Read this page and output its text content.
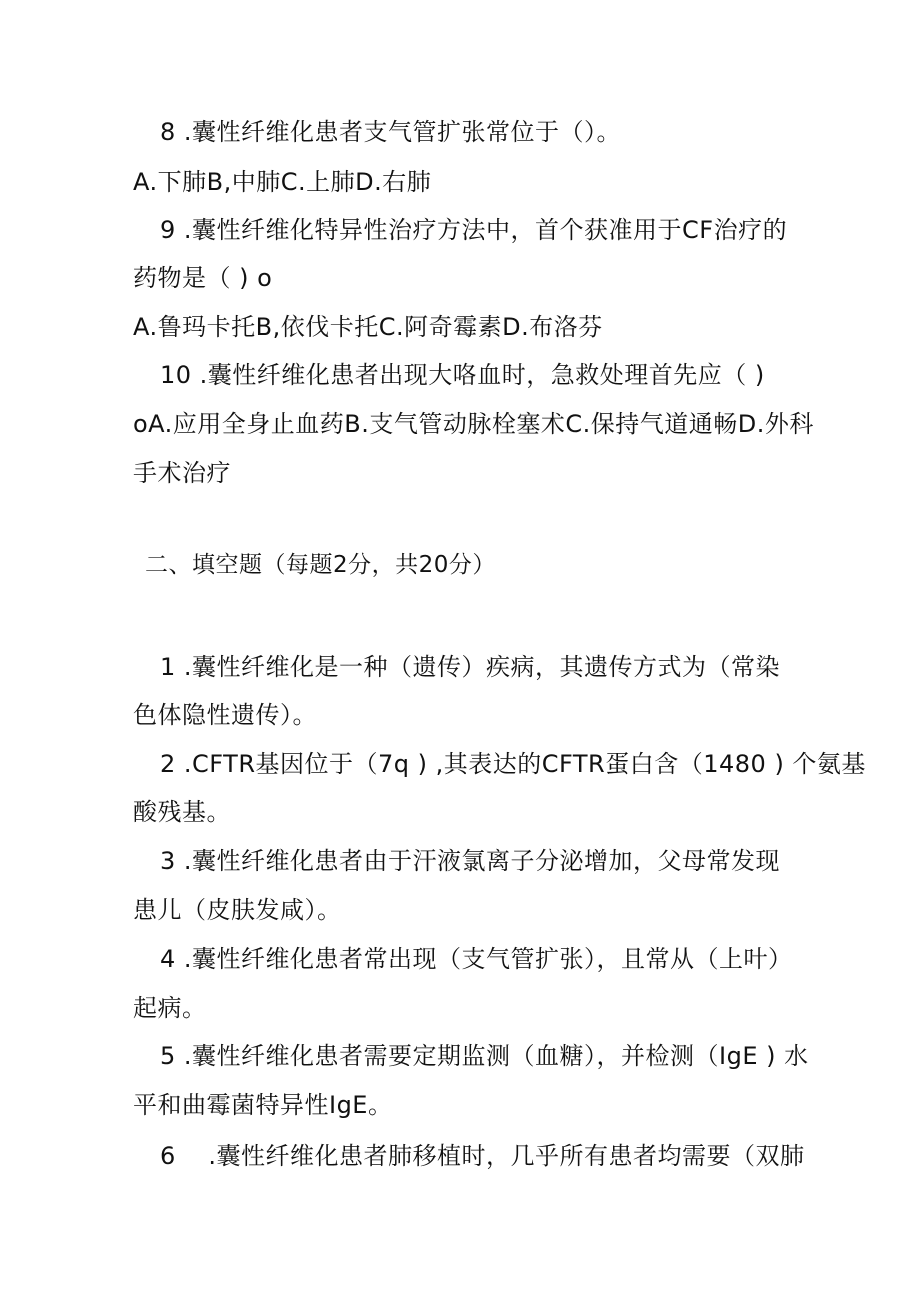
8 .囊性纤维化患者支气管扩张常位于（）。
A.下肺B,中肺C.上肺D.右肺
9 .囊性纤维化特异性治疗方法中，首个获准用于CF治疗的
药物是（ ) o
A.鲁玛卡托B,依伐卡托C.阿奇霉素D.布洛芬
10 .囊性纤维化患者出现大咯血时，急救处理首先应（ )
oA.应用全身止血药B.支气管动脉栓塞术C.保持气道通畅D.外科
手术治疗
二、填空题（每题2分，共20分）
1 .囊性纤维化是一种（遗传）疾病，其遗传方式为（常染
色体隐性遗传）。
2 .CFTR基因位于（7q ) ,其表达的CFTR蛋白含（1480 ) 个氨基
酸残基。
3 .囊性纤维化患者由于汗液氯离子分泌增加，父母常发现
患儿（皮肤发咸）。
4 .囊性纤维化患者常出现（支气管扩张），且常从（上叶）
起病。
5 .囊性纤维化患者需要定期监测（血糖），并检测（IgE ) 水
平和曲霉菌特异性IgE。
6 　.囊性纤维化患者肺移植时，几乎所有患者均需要（双肺
